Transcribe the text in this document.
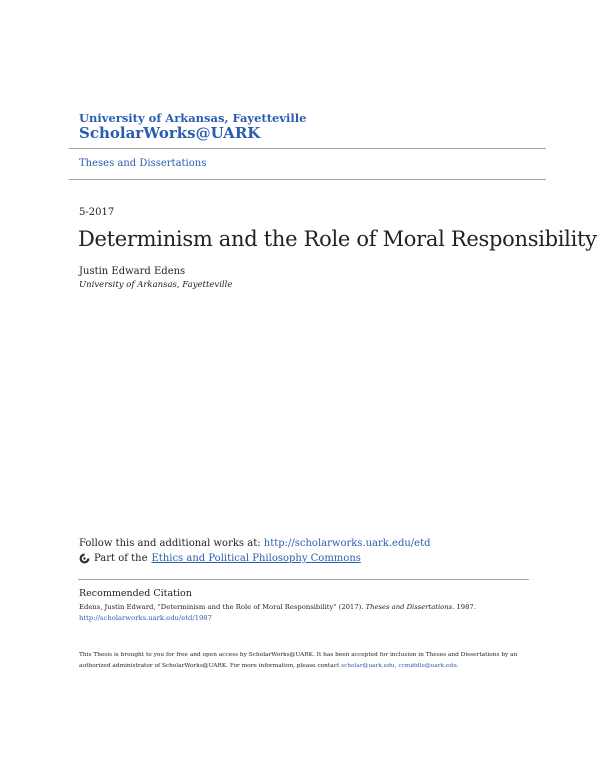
University of Arkansas, Fayetteville
ScholarWorks@UARK
Theses and Dissertations
5-2017
Determinism and the Role of Moral Responsibility
Justin Edward Edens
University of Arkansas, Fayetteville
Follow this and additional works at: http://scholarworks.uark.edu/etd
Part of the Ethics and Political Philosophy Commons
Recommended Citation
Edens, Justin Edward, "Determinism and the Role of Moral Responsibility" (2017). Theses and Dissertations. 1987.
http://scholarworks.uark.edu/etd/1987
This Thesis is brought to you for free and open access by ScholarWorks@UARK. It has been accepted for inclusion in Theses and Dissertations by an authorized administrator of ScholarWorks@UARK. For more information, please contact scholar@uark.edu, ccmiddle@uark.edu.
